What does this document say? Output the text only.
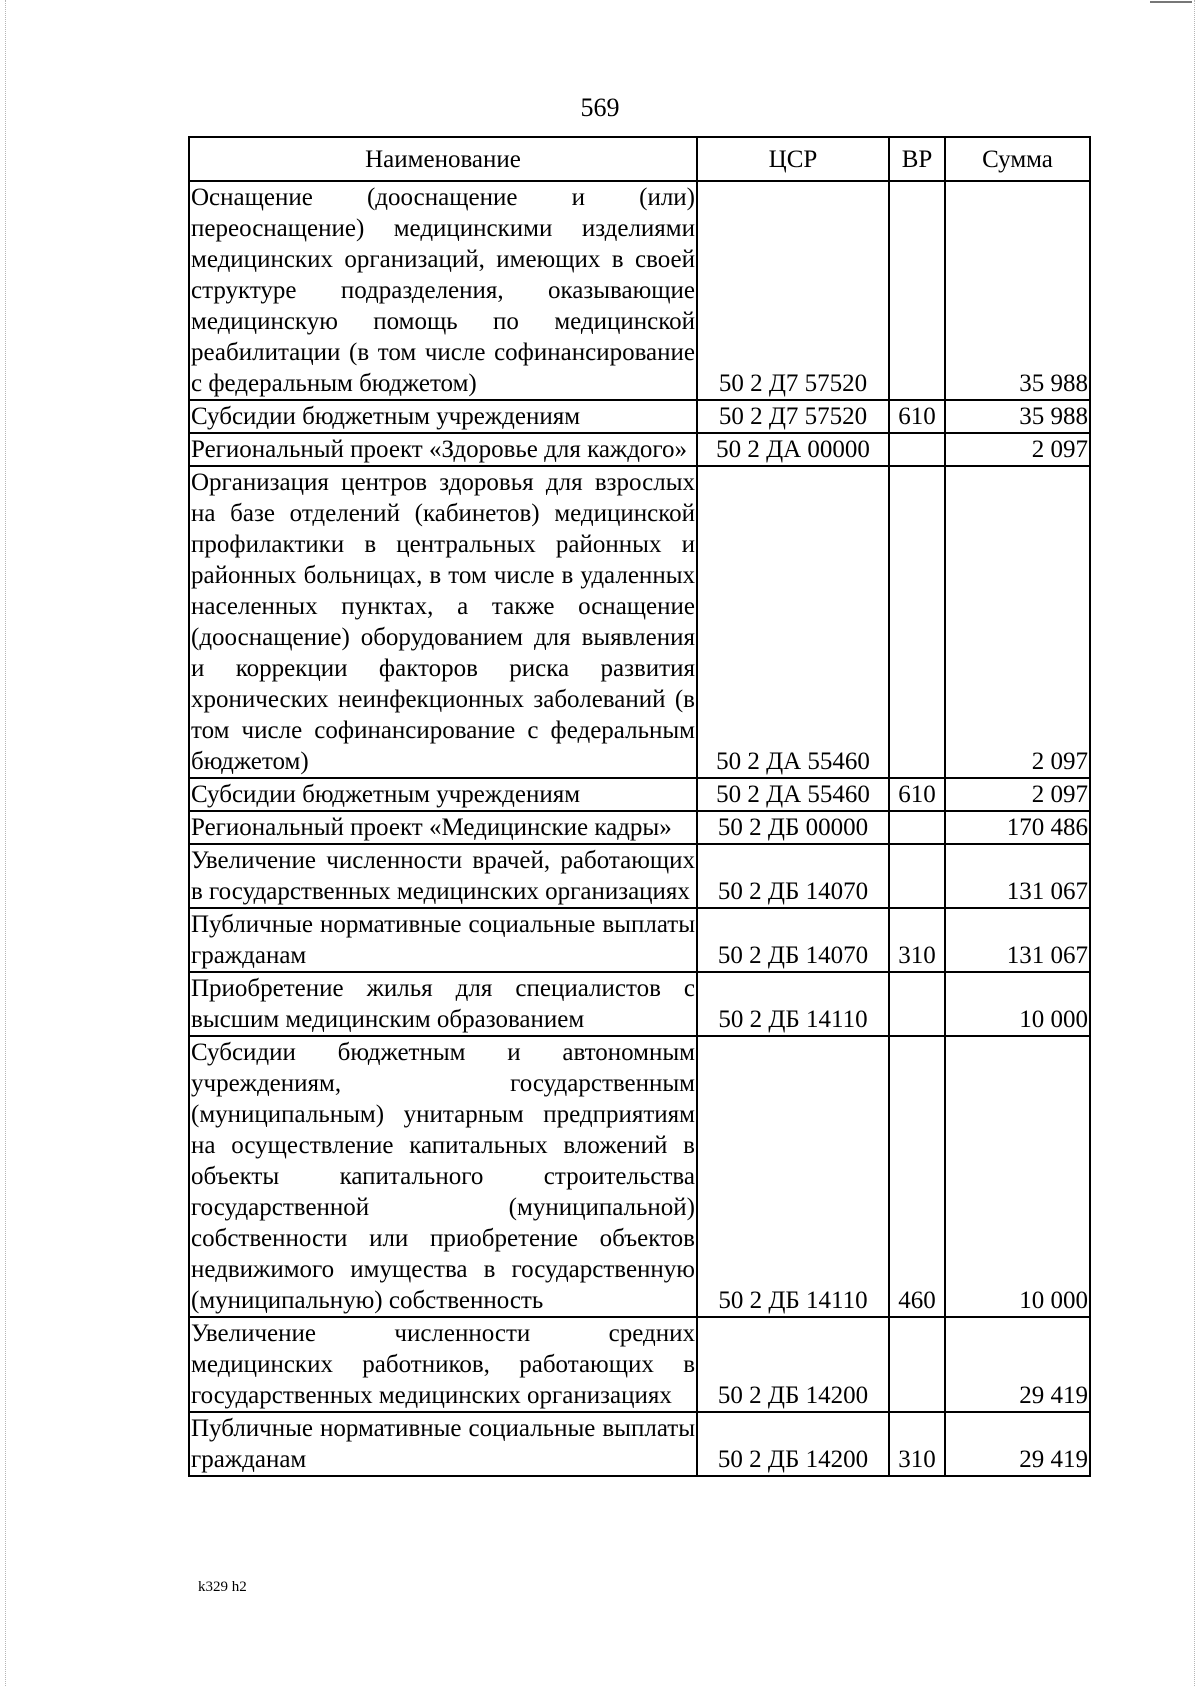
569
Наименование	ЦСР	ВР	Сумма
Оснащение (дооснащение и (или) переоснащение) медицинскими изделиями медицинских организаций, имеющих в своей структуре подразделения, оказывающие медицинскую помощь по медицинской реабилитации (в том числе софинансирование с федеральным бюджетом)	50 2 Д7 57520		35 988
Субсидии бюджетным учреждениям	50 2 Д7 57520	610	35 988
Региональный проект «Здоровье для каждого»	50 2 ДА 00000		2 097
Организация центров здоровья для взрослых на базе отделений (кабинетов) медицинской профилактики в центральных районных и районных больницах, в том числе в удаленных населенных пунктах, а также оснащение (дооснащение) оборудованием для выявления и коррекции факторов риска развития хронических неинфекционных заболеваний (в том числе софинансирование с федеральным бюджетом)	50 2 ДА 55460		2 097
Субсидии бюджетным учреждениям	50 2 ДА 55460	610	2 097
Региональный проект «Медицинские кадры»	50 2 ДБ 00000		170 486
Увеличение численности врачей, работающих в государственных медицинских организациях	50 2 ДБ 14070		131 067
Публичные нормативные социальные выплаты гражданам	50 2 ДБ 14070	310	131 067
Приобретение жилья для специалистов с высшим медицинским образованием	50 2 ДБ 14110		10 000
Субсидии бюджетным и автономным учреждениям, государственным (муниципальным) унитарным предприятиям на осуществление капитальных вложений в объекты капитального строительства государственной (муниципальной) собственности или приобретение объектов недвижимого имущества в государственную (муниципальную) собственность	50 2 ДБ 14110	460	10 000
Увеличение численности средних медицинских работников, работающих в государственных медицинских организациях	50 2 ДБ 14200		29 419
Публичные нормативные социальные выплаты гражданам	50 2 ДБ 14200	310	29 419
k329 h2
